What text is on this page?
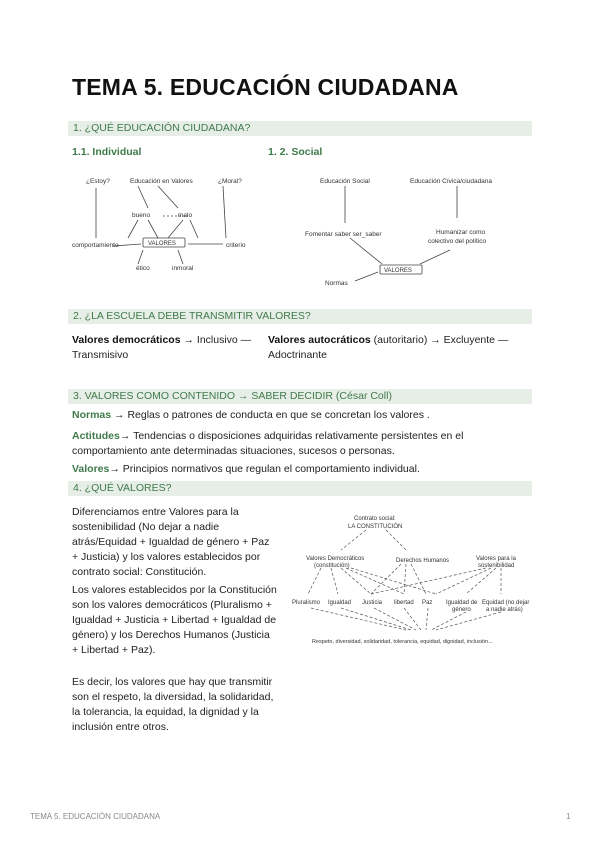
TEMA 5. EDUCACIÓN CIUDADANA
1. ¿QUÉ EDUCACIÓN CIUDADANA?
1.1. Individual	1. 2. Social
¿Estoy?	Educación en Valores	¿Moral?
bueno	malo
comportamiento	VALORES	criterio
ético	inmoral
Educación Social	Educación Cívica/ciudadana
Fomentar saber ser_saber	Humanizar como
colectivo del político
VALORES
Normas
2. ¿LA ESCUELA DEBE TRANSMITIR VALORES?
Valores democráticos → Inclusivo — Transmisivo
Valores autocráticos (autoritario) → Excluyente — Adoctrinante
3. VALORES COMO CONTENIDO → SABER DECIDIR (César Coll)
Normas → Reglas o patrones de conducta en que se concretan los valores .
Actitudes→ Tendencias o disposiciones adquiridas relativamente persistentes en el comportamiento ante determinadas situaciones, sucesos o personas.
Valores→ Principios normativos que regulan el comportamiento individual.
4. ¿QUÉ VALORES?
Diferenciamos entre Valores para la sostenibilidad (No dejar a nadie atrás/Equidad + Igualdad de género + Paz + Justicia) y los valores establecidos por contrato social: Constitución.
Los valores establecidos por la Constitución son los valores democráticos (Pluralismo + Igualdad + Justicia + Libertad + Igualdad de género) y los Derechos Humanos (Justicia + Libertad + Paz).
Es decir, los valores que hay que transmitir son el respeto, la diversidad, la solidaridad, la tolerancia, la equidad, la dignidad y la inclusión entre otros.
Contrato social:
LA CONSTITUCIÓN
Valores Democráticos
(constitución)
Derechos Humanos	Valores para la
sostenibilidad
Pluralismo Igualdad Justicia libertad Paz Igualdad de
género
Equidad (no dejar
a nadie atrás)
Respeto, diversidad, solidaridad, tolerancia, equidad, dignidad, inclusión...
TEMA 5. EDUCACIÓN CIUDADANA	1
